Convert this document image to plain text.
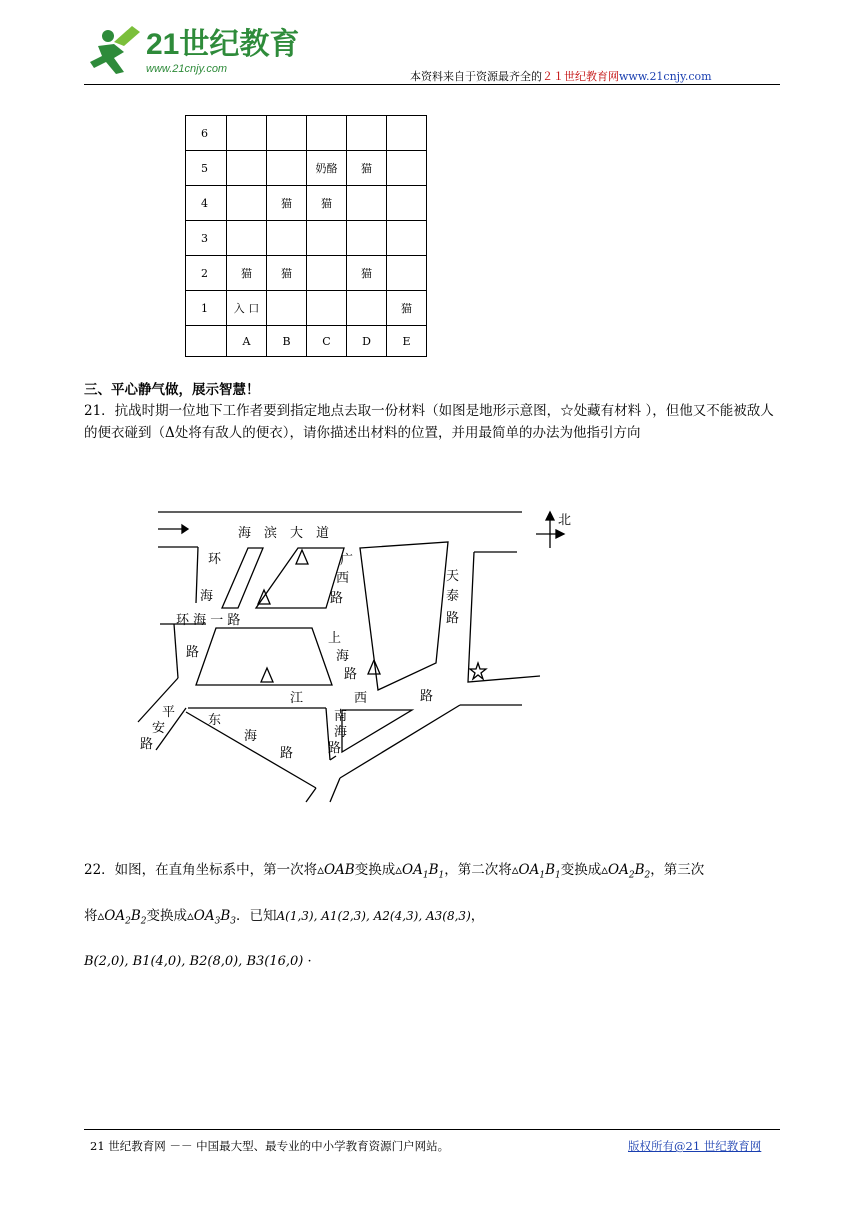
21世纪教育
www.21cnjy.com
本资料来自于资源最齐全的２１世纪教育网www.21cnjy.com
6					
5			奶酪	猫	
4		猫	猫		
3					
2	猫	猫		猫	
1	入 口				猫
	A	B	C	D	E
三、平心静气做，展示智慧！
21．抗战时期一位地下工作者要到指定地点去取一份材料（如图是地形示意图，☆处藏有材料 ），但他又不能被敌人的便衣碰到（Δ处将有敌人的便衣），请你描述出材料的位置，并用最简单的办法为他指引方向
海　滨　大　道
北
环
海
广
西
路
天
泰
路
环 海 一 路
路
上
海
路
江	西	路
平
安
路
东
海
路
南
海
路
22．如图，在直角坐标系中，第一次将▵OAB变换成$▵OA_1B_1$，第二次将$▵OA_1B_1$变换成$▵OA_2B_2$，第三次
将$▵OA_2B_2$变换成$▵OA_3B_3$．已知A(1,3), A1(2,3), A2(4,3), A3(8,3)，
B(2,0), B1(4,0), B2(8,0), B3(16,0) ·
21 世纪教育网 －－ 中国最大型、最专业的中小学教育资源门户网站。	版权所有@21 世纪教育网
